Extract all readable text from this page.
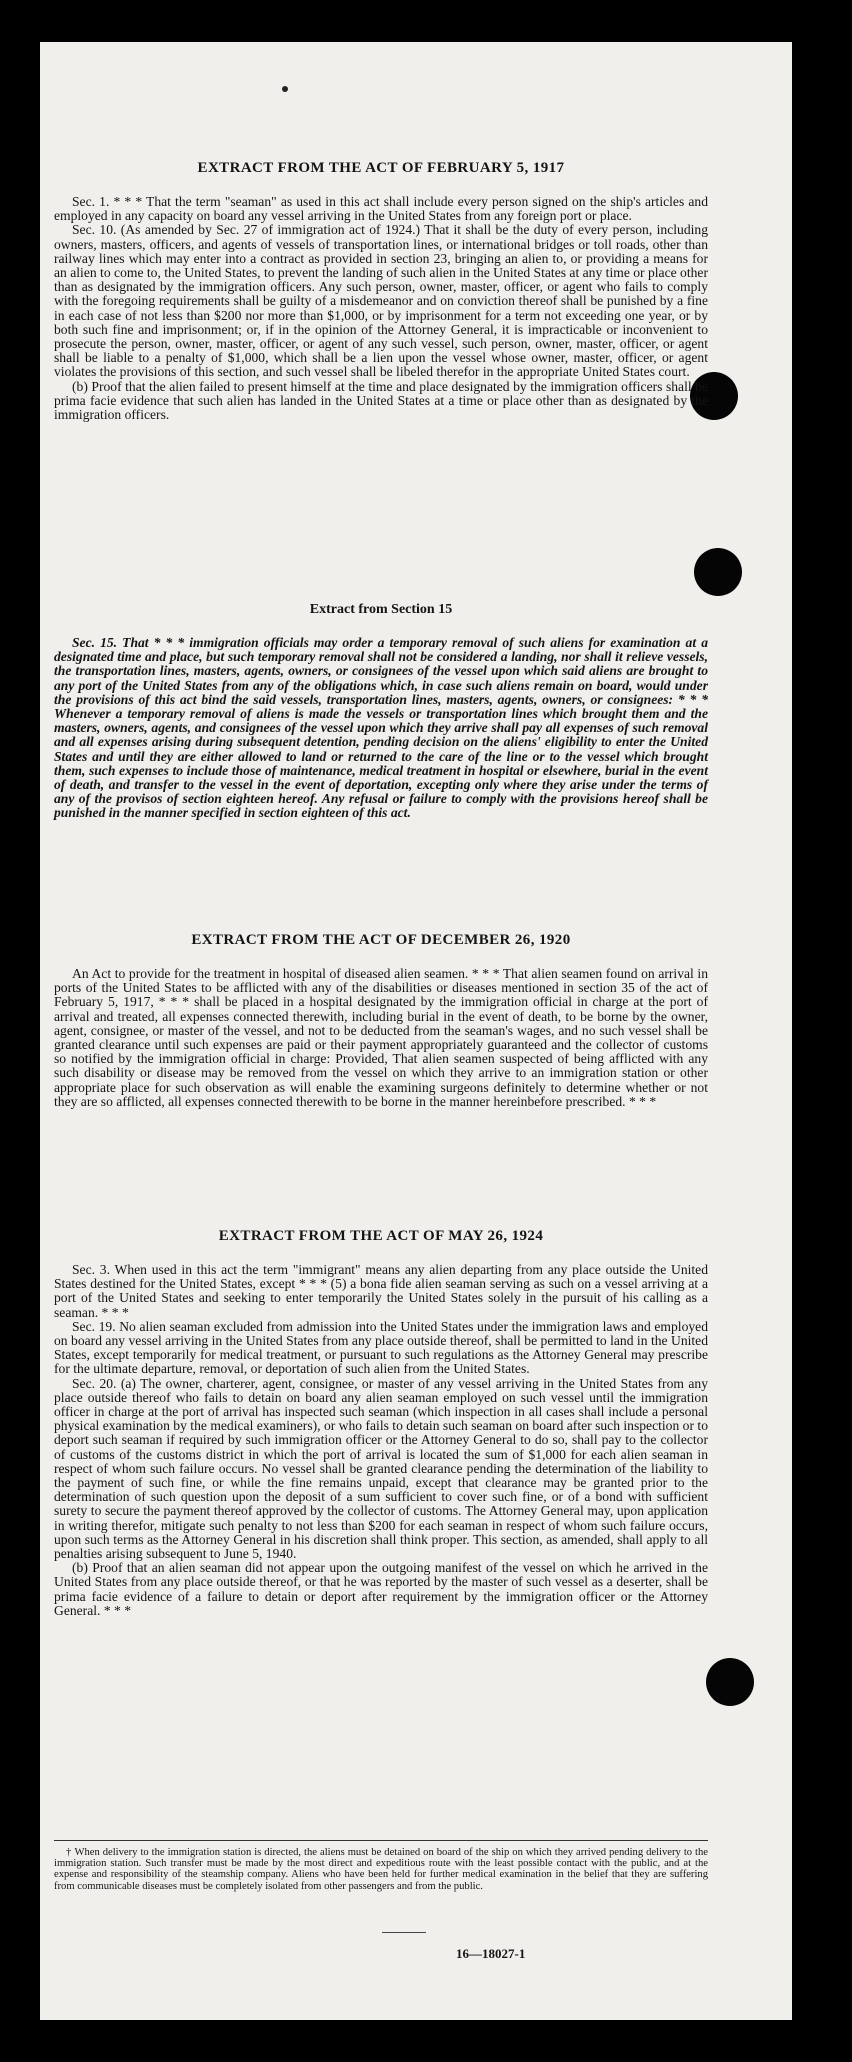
EXTRACT FROM THE ACT OF FEBRUARY 5, 1917

Sec. 1. * * * That the term "seaman" as used in this act shall include every person signed on the ship's articles and employed in any capacity on board any vessel arriving in the United States from any foreign port or place.

Sec. 10. (As amended by Sec. 27 of immigration act of 1924.) That it shall be the duty of every person, including owners, masters, officers, and agents of vessels of transportation lines, or international bridges or toll roads, other than railway lines which may enter into a contract as provided in section 23, bringing an alien to, or providing a means for an alien to come to, the United States, to prevent the landing of such alien in the United States at any time or place other than as designated by the immigration officers. Any such person, owner, master, officer, or agent who fails to comply with the foregoing requirements shall be guilty of a misdemeanor and on conviction thereof shall be punished by a fine in each case of not less than $200 nor more than $1,000, or by imprisonment for a term not exceeding one year, or by both such fine and imprisonment; or, if in the opinion of the Attorney General, it is impracticable or inconvenient to prosecute the person, owner, master, officer, or agent of any such vessel, such person, owner, master, officer, or agent shall be liable to a penalty of $1,000, which shall be a lien upon the vessel whose owner, master, officer, or agent violates the provisions of this section, and such vessel shall be libeled therefor in the appropriate United States court.

(b) Proof that the alien failed to present himself at the time and place designated by the immigration officers shall be prima facie evidence that such alien has landed in the United States at a time or place other than as designated by the immigration officers.

Extract from Section 15

Sec. 15. That * * * immigration officials may order a temporary removal of such aliens for examination at a designated time and place, but such temporary removal shall not be considered a landing, nor shall it relieve vessels, the transportation lines, masters, agents, owners, or consignees of the vessel upon which said aliens are brought to any port of the United States from any of the obligations which, in case such aliens remain on board, would under the provisions of this act bind the said vessels, transportation lines, masters, agents, owners, or consignees: * * * Whenever a temporary removal of aliens is made the vessels or transportation lines which brought them and the masters, owners, agents, and consignees of the vessel upon which they arrive shall pay all expenses of such removal and all expenses arising during subsequent detention, pending decision on the aliens' eligibility to enter the United States and until they are either allowed to land or returned to the care of the line or to the vessel which brought them, such expenses to include those of maintenance, medical treatment in hospital or elsewhere, burial in the event of death, and transfer to the vessel in the event of deportation, excepting only where they arise under the terms of any of the provisos of section eighteen hereof. Any refusal or failure to comply with the provisions hereof shall be punished in the manner specified in section eighteen of this act.

EXTRACT FROM THE ACT OF DECEMBER 26, 1920

An Act to provide for the treatment in hospital of diseased alien seamen. * * * That alien seamen found on arrival in ports of the United States to be afflicted with any of the disabilities or diseases mentioned in section 35 of the act of February 5, 1917, * * * shall be placed in a hospital designated by the immigration official in charge at the port of arrival and treated, all expenses connected therewith, including burial in the event of death, to be borne by the owner, agent, consignee, or master of the vessel, and not to be deducted from the seaman's wages, and no such vessel shall be granted clearance until such expenses are paid or their payment appropriately guaranteed and the collector of customs so notified by the immigration official in charge: Provided, That alien seamen suspected of being afflicted with any such disability or disease may be removed from the vessel on which they arrive to an immigration station or other appropriate place for such observation as will enable the examining surgeons definitely to determine whether or not they are so afflicted, all expenses connected therewith to be borne in the manner hereinbefore prescribed. * * *

EXTRACT FROM THE ACT OF MAY 26, 1924

Sec. 3. When used in this act the term "immigrant" means any alien departing from any place outside the United States destined for the United States, except * * * (5) a bona fide alien seaman serving as such on a vessel arriving at a port of the United States and seeking to enter temporarily the United States solely in the pursuit of his calling as a seaman. * * *

Sec. 19. No alien seaman excluded from admission into the United States under the immigration laws and employed on board any vessel arriving in the United States from any place outside thereof, shall be permitted to land in the United States, except temporarily for medical treatment, or pursuant to such regulations as the Attorney General may prescribe for the ultimate departure, removal, or deportation of such alien from the United States.

Sec. 20. (a) The owner, charterer, agent, consignee, or master of any vessel arriving in the United States from any place outside thereof who fails to detain on board any alien seaman employed on such vessel until the immigration officer in charge at the port of arrival has inspected such seaman (which inspection in all cases shall include a personal physical examination by the medical examiners), or who fails to detain such seaman on board after such inspection or to deport such seaman if required by such immigration officer or the Attorney General to do so, shall pay to the collector of customs of the customs district in which the port of arrival is located the sum of $1,000 for each alien seaman in respect of whom such failure occurs. No vessel shall be granted clearance pending the determination of the liability to the payment of such fine, or while the fine remains unpaid, except that clearance may be granted prior to the determination of such question upon the deposit of a sum sufficient to cover such fine, or of a bond with sufficient surety to secure the payment thereof approved by the collector of customs. The Attorney General may, upon application in writing therefor, mitigate such penalty to not less than $200 for each seaman in respect of whom such failure occurs, upon such terms as the Attorney General in his discretion shall think proper. This section, as amended, shall apply to all penalties arising subsequent to June 5, 1940.

(b) Proof that an alien seaman did not appear upon the outgoing manifest of the vessel on which he arrived in the United States from any place outside thereof, or that he was reported by the master of such vessel as a deserter, shall be prima facie evidence of a failure to detain or deport after requirement by the immigration officer or the Attorney General. * * *

† When delivery to the immigration station is directed, the aliens must be detained on board of the ship on which they arrived pending delivery to the immigration station. Such transfer must be made by the most direct and expeditious route with the least possible contact with the public, and at the expense and responsibility of the steamship company. Aliens who have been held for further medical examination in the belief that they are suffering from communicable diseases must be completely isolated from other passengers and from the public.

16—18027-1
